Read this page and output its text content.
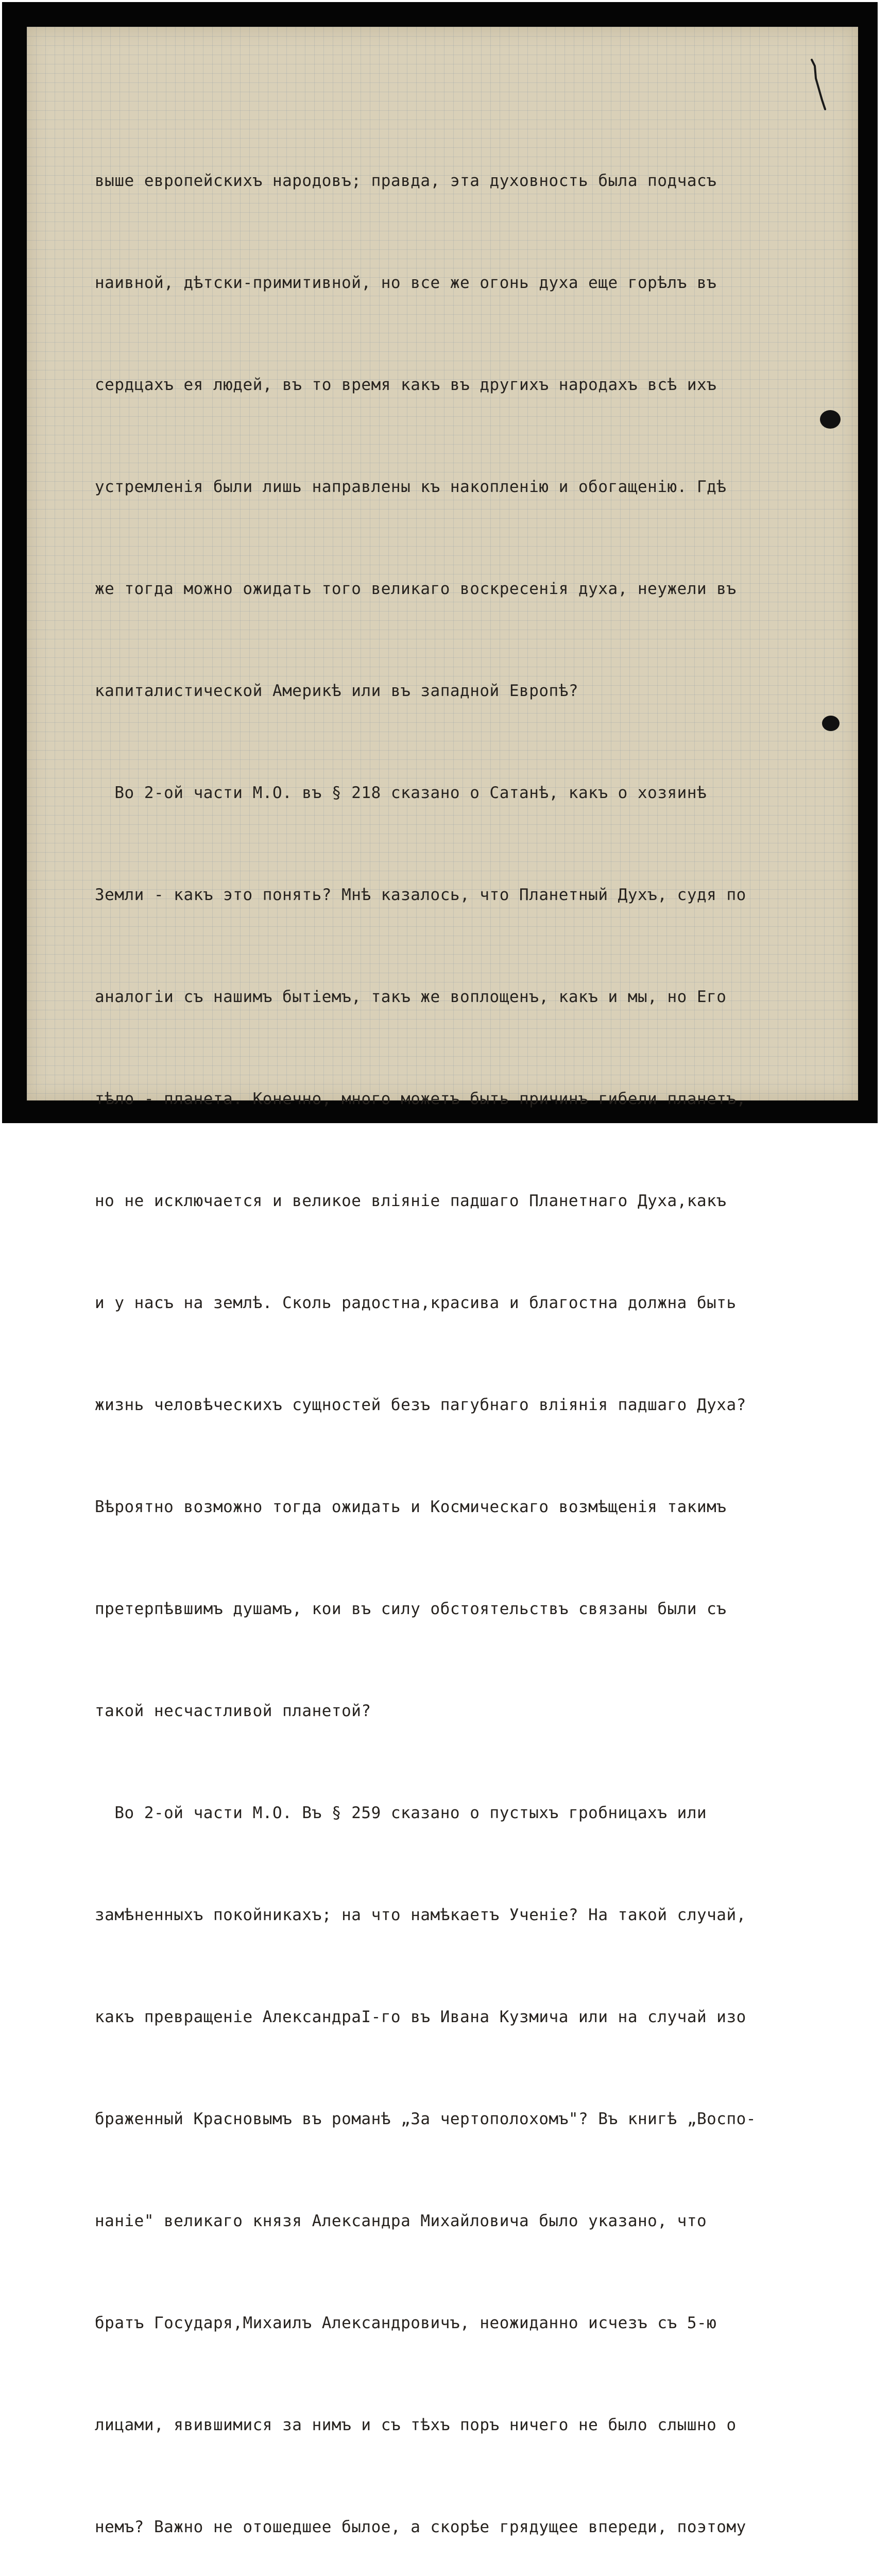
выше европейскихъ народовъ; правда, эта духовность была подчасъ

наивной, дѣтски-примитивной, но все же огонь духа еще горѣлъ въ

сердцахъ ея людей, въ то время какъ въ другихъ народахъ всѣ ихъ

устремленія были лишь направлены къ накопленію и обогащенію. Гдѣ

же тогда можно ожидать того великаго воскресенія духа, неужели въ

капиталистической Америкѣ или въ западной Европѣ?

Во 2-ой части М.О. въ § 218 сказано о Сатанѣ, какъ о хозяинѣ

Земли - какъ это понять? Мнѣ казалось, что Планетный Духъ, судя по

аналогіи съ нашимъ бытіемъ, такъ же воплощенъ, какъ и мы, но Его

тѣло - планета. Конечно, много можетъ быть причинъ гибели планетъ,

но не исключается и великое вліяніе падшаго Планетнаго Духа,какъ

и у насъ на землѣ. Сколь радостна,красива и благостна должна быть

жизнь человѣческихъ сущностей безъ пагубнаго вліянія падшаго Духа?

Вѣроятно возможно тогда ожидать и Космическаго возмѣщенія такимъ

претерпѣвшимъ душамъ, кои въ силу обстоятельствъ связаны были съ

такой несчастливой планетой?

Во 2-ой части М.О. Въ § 259 сказано о пустыхъ гробницахъ или

замѣненныхъ покойникахъ; на что намѣкаетъ Ученіе? На такой случай,

какъ превращеніе АлександраI-го въ Ивана Кузмича или на случай изо

браженный Красновымъ въ романѣ „За чертополохомъ"? Въ книгѣ „Воспо-

наніе" великаго князя Александра Михайловича было указано, что

братъ Государя,Михаилъ Александровичъ, неожиданно исчезъ съ 5-ю

лицами, явившимися за нимъ и съ тѣхъ поръ ничего не было слышно о

немъ? Важно не отошедшее былое, а скорѣе грядущее впереди, поэтому
